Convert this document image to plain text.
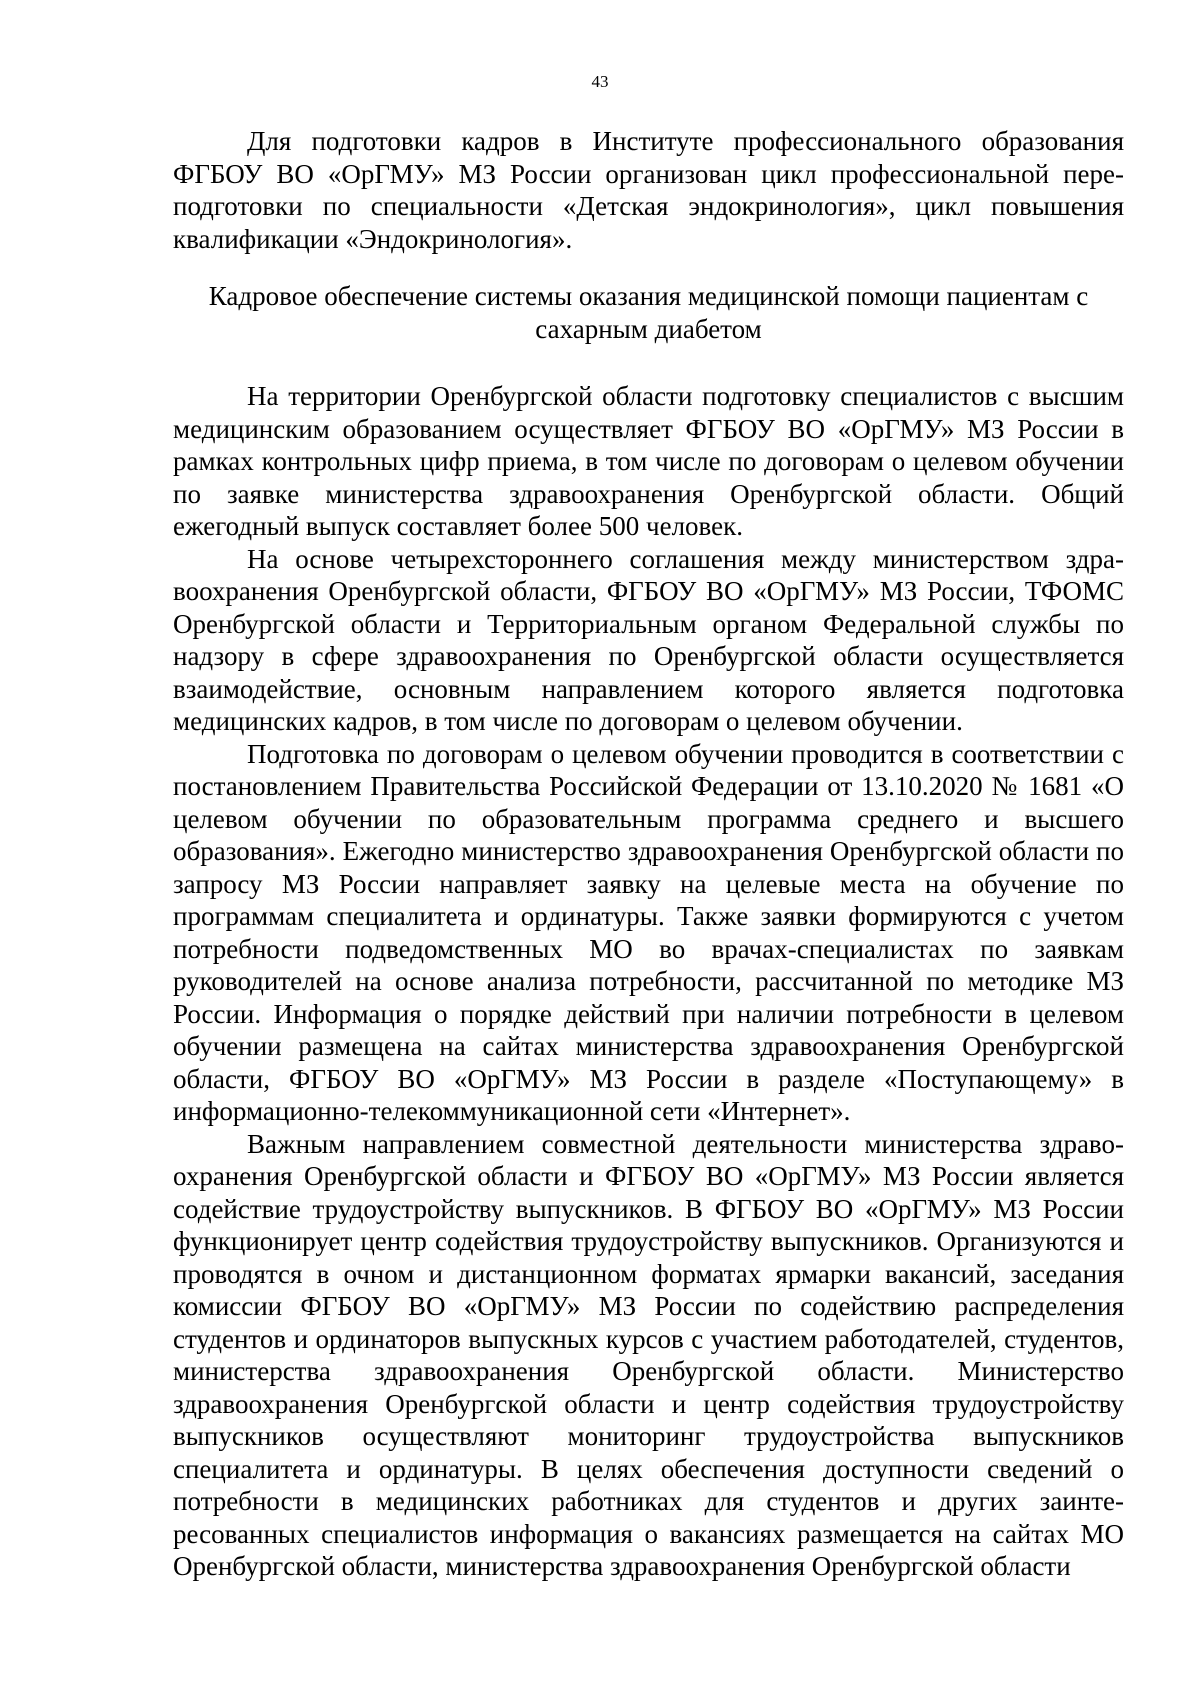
43

Для подготовки кадров в Институте профессионального образования ФГБОУ ВО «ОрГМУ» МЗ России организован цикл профессиональной переподготовки по специальности «Детская эндокринология», цикл повышения квалификации «Эндокринология».

Кадровое обеспечение системы оказания медицинской помощи пациентам с сахарным диабетом

На территории Оренбургской области подготовку специалистов с высшим медицинским образованием осуществляет ФГБОУ ВО «ОрГМУ» МЗ России в рамках контрольных цифр приема, в том числе по договорам о целевом обучении по заявке министерства здравоохранения Оренбургской области. Общий ежегодный выпуск составляет более 500 человек.

На основе четырехстороннего соглашения между министерством здравоохранения Оренбургской области, ФГБОУ ВО «ОрГМУ» МЗ России, ТФОМС Оренбургской области и Территориальным органом Федеральной службы по надзору в сфере здравоохранения по Оренбургской области осуществляется взаимодействие, основным направлением которого является подготовка медицинских кадров, в том числе по договорам о целевом обучении.

Подготовка по договорам о целевом обучении проводится в соответствии с постановлением Правительства Российской Федерации от 13.10.2020 № 1681 «О целевом обучении по образовательным программа среднего и высшего образования». Ежегодно министерство здравоохранения Оренбургской области по запросу МЗ России направляет заявку на целевые места на обучение по программам специалитета и ординатуры. Также заявки формируются с учетом потребности подведомственных МО во врачах-специалистах по заявкам руководителей на основе анализа потребности, рассчитанной по методике МЗ России. Информация о порядке действий при наличии потребности в целевом обучении размещена на сайтах министерства здравоохранения Оренбургской области, ФГБОУ ВО «ОрГМУ» МЗ России в разделе «Поступающему» в информационно-телекоммуникационной сети «Интернет».

Важным направлением совместной деятельности министерства здравоохранения Оренбургской области и ФГБОУ ВО «ОрГМУ» МЗ России является содействие трудоустройству выпускников. В ФГБОУ ВО «ОрГМУ» МЗ России функционирует центр содействия трудоустройству выпускников. Организуются и проводятся в очном и дистанционном форматах ярмарки вакансий, заседания комиссии ФГБОУ ВО «ОрГМУ» МЗ России по содействию распределения студентов и ординаторов выпускных курсов с участием работодателей, студентов, министерства здравоохранения Оренбургской области. Министерство здравоохранения Оренбургской области и центр содействия трудоустройству выпускников осуществляют мониторинг трудоустройства выпускников специалитета и ординатуры. В целях обеспечения доступности сведений о потребности в медицинских работниках для студентов и других заинтересованных специалистов информация о вакансиях размещается на сайтах МО Оренбургской области, министерства здравоохранения Оренбургской области
